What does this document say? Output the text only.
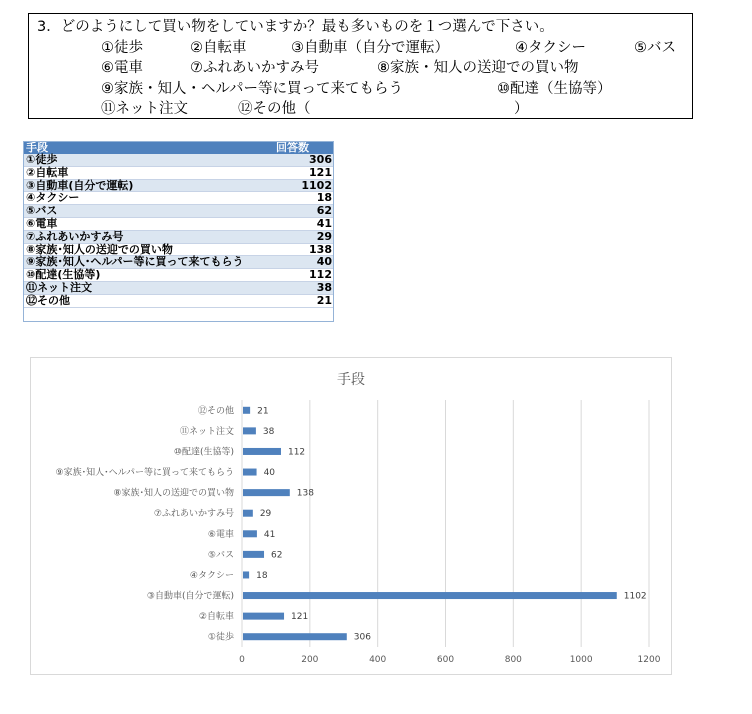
3．どのようにして買い物をしていますか？最も多いものを１つ選んで下さい。
①徒歩	②自転車	③自動車（自分で運転）	④タクシー	⑤バス
⑥電車	⑦ふれあいかすみ号	⑧家族・知人の送迎での買い物
⑨家族・知人・ヘルパー等に買って来てもらう	⑩配達（生協等）
⑪ネット注文	⑫その他（	）
手段	回答数
①徒歩	306
②自転車	121
③自動車(自分で運転)	1102
④タクシー	18
⑤バス	62
⑥電車	41
⑦ふれあいかすみ号	29
⑧家族･知人の送迎での買い物	138
⑨家族･知人･ヘルパー等に買って来てもらう	40
⑩配達(生協等)	112
⑪ネット注文	38
⑫その他	21
手段
0	200	400	600	800	1000	1200
①徒歩	306
②自転車	121
③自動車(自分で運転)	1102
④タクシー 18
⑤バス	62
⑥電車	41
⑦ふれあいかすみ号	29
⑧家族･知人の送迎での買い物	138
⑨家族･知人･ヘルパー等に買って来てもらう	40
⑩配達(生協等)	112
⑪ネット注文	38
⑫その他	21
